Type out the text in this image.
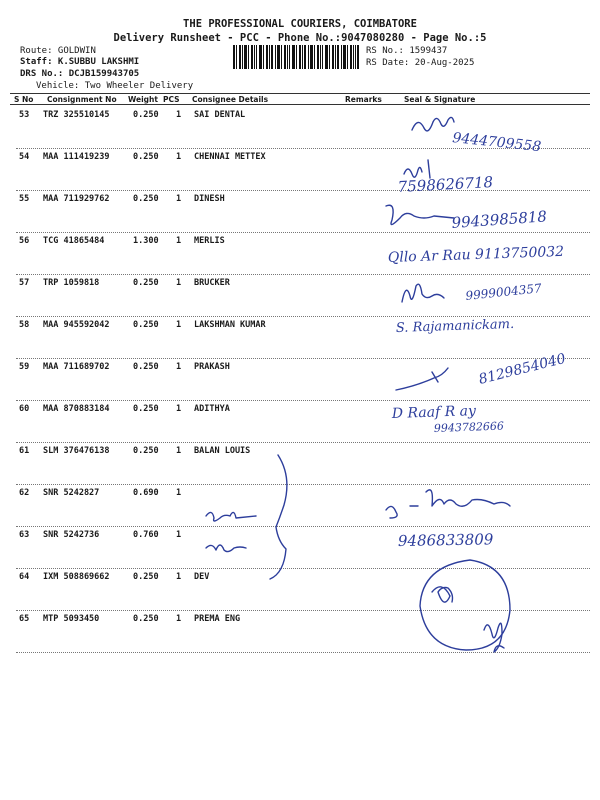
THE PROFESSIONAL COURIERS, COIMBATORE
Delivery Runsheet - PCC - Phone No.:9047080280 - Page No.:5
Route: GOLDWIN
Staff: K.SUBBU LAKSHMI
DRS No.: DCJB159943705
Vehicle: Two Wheeler Delivery
RS No.: 1599437
RS Date: 20-Aug-2025
S No Consignment No Weight PCS Consignee Details	Remarks	Seal & Signature
53 TRZ 325510145	0.250 1 SAI DENTAL
54 MAA 111419239	0.250 1 CHENNAI METTEX
55 MAA 711929762	0.250 1 DINESH
56 TCG 41865484	1.300 1 MERLIS
57 TRP 1059818	0.250 1 BRUCKER
58 MAA 945592042	0.250 1 LAKSHMAN KUMAR
59 MAA 711689702	0.250 1 PRAKASH
60 MAA 870883184	0.250 1 ADITHYA
61 SLM 376476138	0.250 1 BALAN LOUIS
62 SNR 5242827	0.690 1
63 SNR 5242736	0.760 1
64 IXM 508869662	0.250 1 DEV
65 MTP 5093450	0.250 1 PREMA ENG
9444709558
7598626718
9943985818
Qllo Ar Rau 9113750032
9999004357
S. Rajamanickam.
8129854040
D Raaf R ay
9943782666
9486833809
